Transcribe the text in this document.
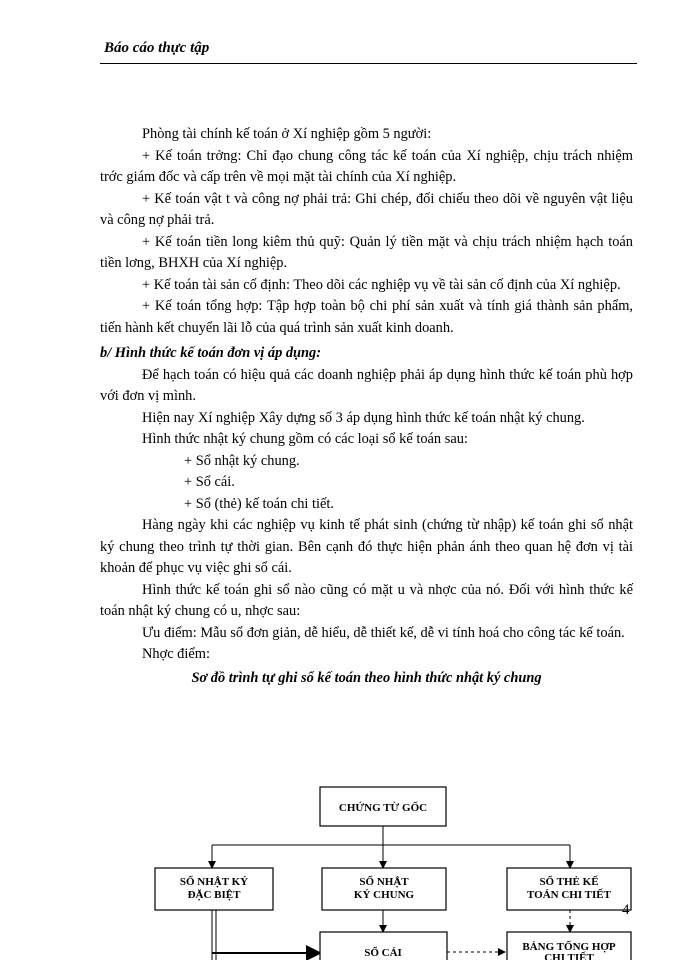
Báo cáo thực tập

Phòng tài chính kế toán ở Xí nghiệp gồm 5 người:

+ Kế toán trởng: Chỉ đạo chung công tác kế toán của Xí nghiệp, chịu trách nhiệm trớc giám đốc và cấp trên về mọi mặt tài chính của Xí nghiệp.

+ Kế toán vật t và công nợ phải trả: Ghi chép, đối chiếu theo dõi về nguyên vật liệu và công nợ phải trả.

+ Kế toán tiền long kiêm thủ quỹ: Quản lý tiền mặt và chịu trách nhiệm hạch toán tiền lơng, BHXH của Xí nghiệp.

+ Kế toán tài sản cố định: Theo dõi các nghiệp vụ về tài sản cố định của Xí nghiệp.

+ Kế toán tổng hợp: Tập hợp toàn bộ chi phí sản xuất và tính giá thành sản phẩm, tiến hành kết chuyển lãi lỗ của quá trình sản xuất kinh doanh.

b/ Hình thức kế toán đơn vị áp dụng:

Để hạch toán có hiệu quả các doanh nghiệp phải áp dụng hình thức kế toán phù hợp với đơn vị mình.

Hiện nay Xí nghiệp Xây dựng số 3 áp dụng hình thức kế toán nhật ký chung.

Hình thức nhật ký chung gồm có các loại sổ kế toán sau:

+ Sổ nhật ký chung.

+ Sổ cái.

+ Sổ (thẻ) kế toán chi tiết.

Hàng ngày khi các nghiệp vụ kinh tế phát sinh (chứng từ nhập) kế toán ghi sổ nhật ký chung theo trình tự thời gian. Bên cạnh đó thực hiện phản ánh theo quan hệ đơn vị tài khoản để phục vụ việc ghi sổ cái.

Hình thức kế toán ghi sổ nào cũng có mặt u và nhợc của nó. Đối với hình thức kế toán nhật ký chung có u, nhợc sau:

Ưu điểm: Mẫu sổ đơn giản, dễ hiểu, dễ thiết kế, dễ vi tính hoá cho công tác kế toán.

Nhợc điểm:

Sơ đồ trình tự ghi sổ kế toán theo hình thức nhật ký chung

CHỨNG TỪ GỐC
SỔ NHẬT KÝ
ĐẶC BIỆT
SỔ NHẬT
KÝ CHUNG
SỔ THẺ KẾ
TOÁN CHI TIẾT
SỔ CÁI	BẢNG TỔNG HỢP
CHI TIẾT
4
